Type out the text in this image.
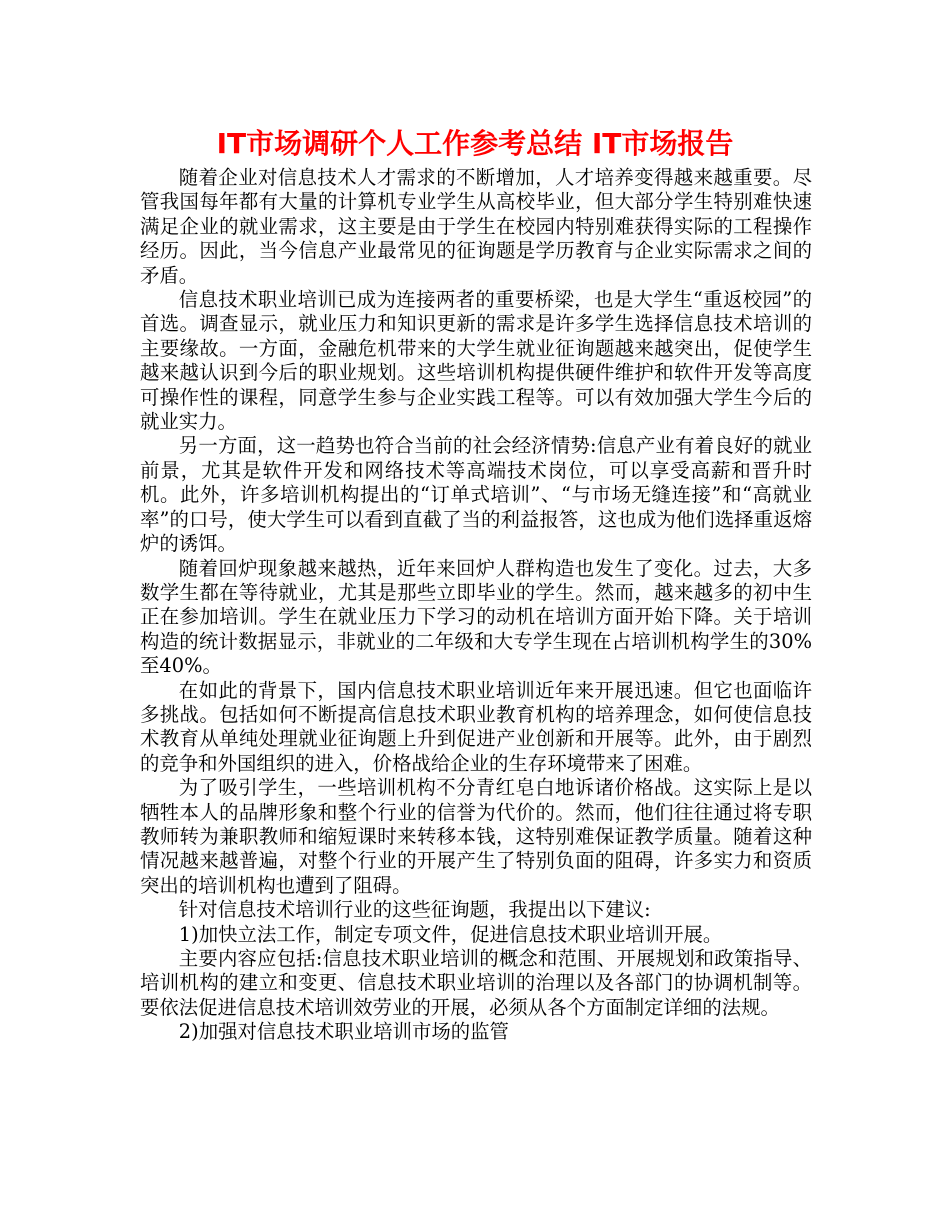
IT市场调研个人工作参考总结 IT市场报告

随着企业对信息技术人才需求的不断增加，人才培养变得越来越重要。尽管我国每年都有大量的计算机专业学生从高校毕业，但大部分学生特别难快速满足企业的就业需求，这主要是由于学生在校园内特别难获得实际的工程操作经历。因此，当今信息产业最常见的征询题是学历教育与企业实际需求之间的矛盾。

信息技术职业培训已成为连接两者的重要桥梁，也是大学生“重返校园”的首选。调查显示，就业压力和知识更新的需求是许多学生选择信息技术培训的主要缘故。一方面，金融危机带来的大学生就业征询题越来越突出，促使学生越来越认识到今后的职业规划。这些培训机构提供硬件维护和软件开发等高度可操作性的课程，同意学生参与企业实践工程等。可以有效加强大学生今后的就业实力。

另一方面，这一趋势也符合当前的社会经济情势:信息产业有着良好的就业前景，尤其是软件开发和网络技术等高端技术岗位，可以享受高薪和晋升时机。此外，许多培训机构提出的“订单式培训”、“与市场无缝连接”和“高就业率”的口号，使大学生可以看到直截了当的利益报答，这也成为他们选择重返熔炉的诱饵。

随着回炉现象越来越热，近年来回炉人群构造也发生了变化。过去，大多数学生都在等待就业，尤其是那些立即毕业的学生。然而，越来越多的初中生正在参加培训。学生在就业压力下学习的动机在培训方面开始下降。关于培训构造的统计数据显示，非就业的二年级和大专学生现在占培训机构学生的30%至40%。

在如此的背景下，国内信息技术职业培训近年来开展迅速。但它也面临许多挑战。包括如何不断提高信息技术职业教育机构的培养理念，如何使信息技术教育从单纯处理就业征询题上升到促进产业创新和开展等。此外，由于剧烈的竞争和外国组织的进入，价格战给企业的生存环境带来了困难。

为了吸引学生，一些培训机构不分青红皂白地诉诸价格战。这实际上是以牺牲本人的品牌形象和整个行业的信誉为代价的。然而，他们往往通过将专职教师转为兼职教师和缩短课时来转移本钱，这特别难保证教学质量。随着这种情况越来越普遍，对整个行业的开展产生了特别负面的阻碍，许多实力和资质突出的培训机构也遭到了阻碍。

针对信息技术培训行业的这些征询题，我提出以下建议:

1)加快立法工作，制定专项文件，促进信息技术职业培训开展。

主要内容应包括:信息技术职业培训的概念和范围、开展规划和政策指导、培训机构的建立和变更、信息技术职业培训的治理以及各部门的协调机制等。要依法促进信息技术培训效劳业的开展，必须从各个方面制定详细的法规。

2)加强对信息技术职业培训市场的监管
